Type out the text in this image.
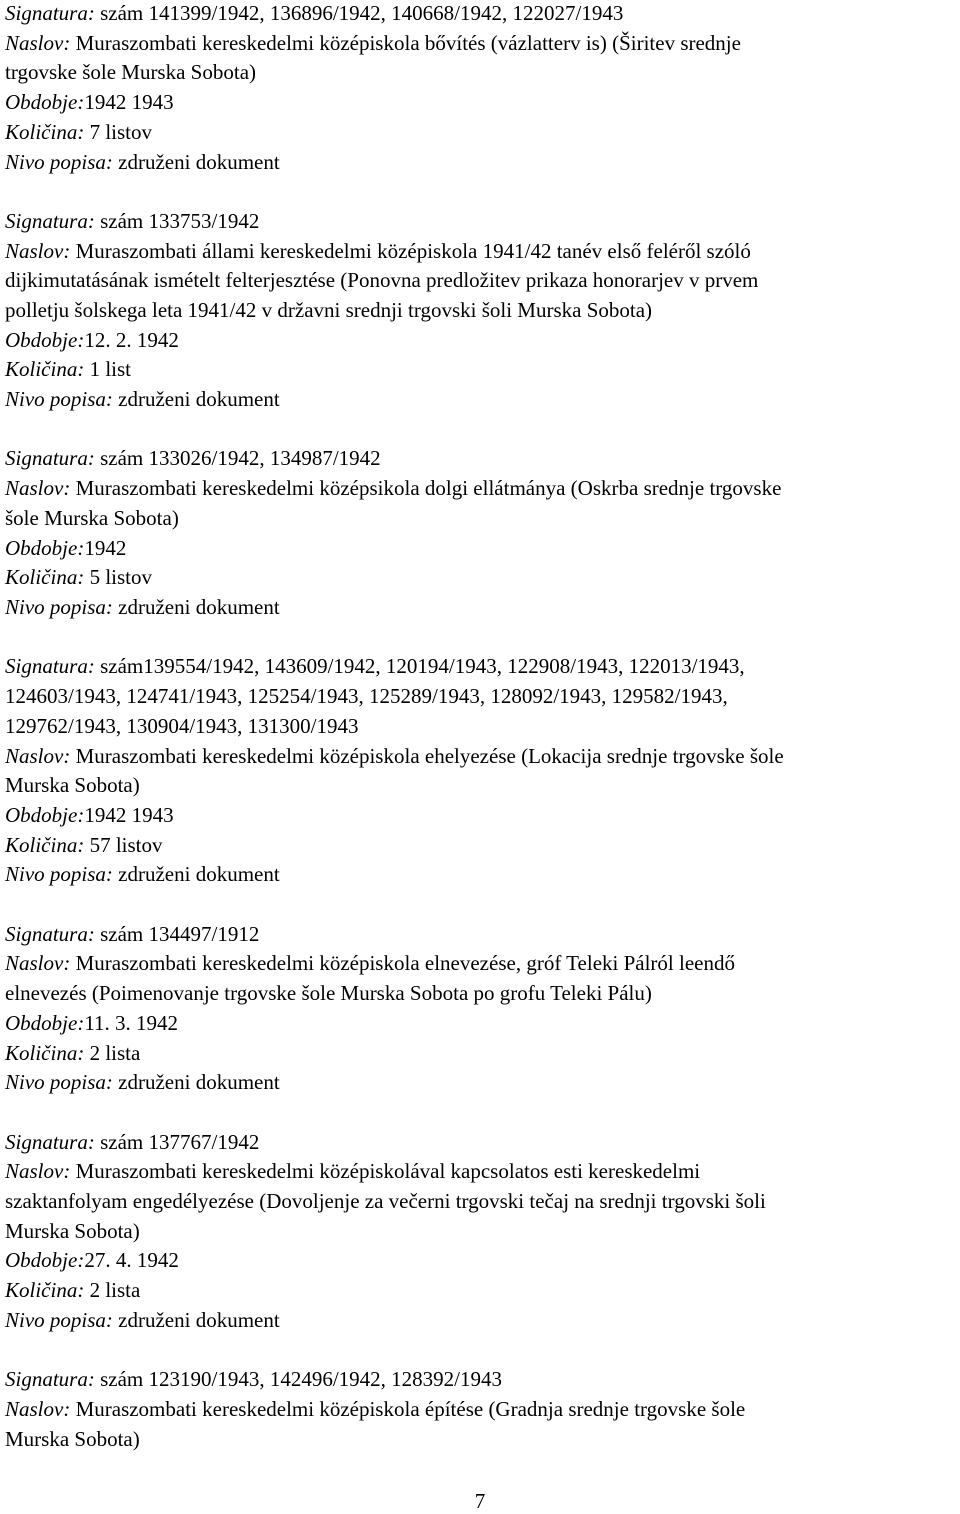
Signatura: szám 141399/1942, 136896/1942, 140668/1942, 122027/1943
Naslov: Muraszombati kereskedelmi középiskola bővítés (vázlatterv is) (Širitev srednje
trgovske šole Murska Sobota)
Obdobje:1942 1943
Količina: 7 listov
Nivo popisa: združeni dokument
Signatura: szám 133753/1942
Naslov: Muraszombati állami kereskedelmi középiskola 1941/42 tanév első feléről szóló
dijkimutatásának ismételt felterjesztése (Ponovna predložitev prikaza honorarjev v prvem
polletju šolskega leta 1941/42 v državni srednji trgovski šoli Murska Sobota)
Obdobje:12. 2. 1942
Količina: 1 list
Nivo popisa: združeni dokument
Signatura: szám 133026/1942, 134987/1942
Naslov: Muraszombati kereskedelmi középsikola dolgi ellátmánya (Oskrba srednje trgovske
šole Murska Sobota)
Obdobje:1942
Količina: 5 listov
Nivo popisa: združeni dokument
Signatura: szám139554/1942, 143609/1942, 120194/1943, 122908/1943, 122013/1943,
124603/1943, 124741/1943, 125254/1943, 125289/1943, 128092/1943, 129582/1943,
129762/1943, 130904/1943, 131300/1943
Naslov: Muraszombati kereskedelmi középiskola ehelyezése (Lokacija srednje trgovske šole
Murska Sobota)
Obdobje:1942 1943
Količina: 57 listov
Nivo popisa: združeni dokument
Signatura: szám 134497/1912
Naslov: Muraszombati kereskedelmi középiskola elnevezése, gróf Teleki Pálról leendő
elnevezés (Poimenovanje trgovske šole Murska Sobota po grofu Teleki Pálu)
Obdobje:11. 3. 1942
Količina: 2 lista
Nivo popisa: združeni dokument
Signatura: szám 137767/1942
Naslov: Muraszombati kereskedelmi középiskolával kapcsolatos esti kereskedelmi
szaktanfolyam engedélyezése (Dovoljenje za večerni trgovski tečaj na srednji trgovski šoli
Murska Sobota)
Obdobje:27. 4. 1942
Količina: 2 lista
Nivo popisa: združeni dokument
Signatura: szám 123190/1943, 142496/1942, 128392/1943
Naslov: Muraszombati kereskedelmi középiskola építése (Gradnja srednje trgovske šole
Murska Sobota)
7
